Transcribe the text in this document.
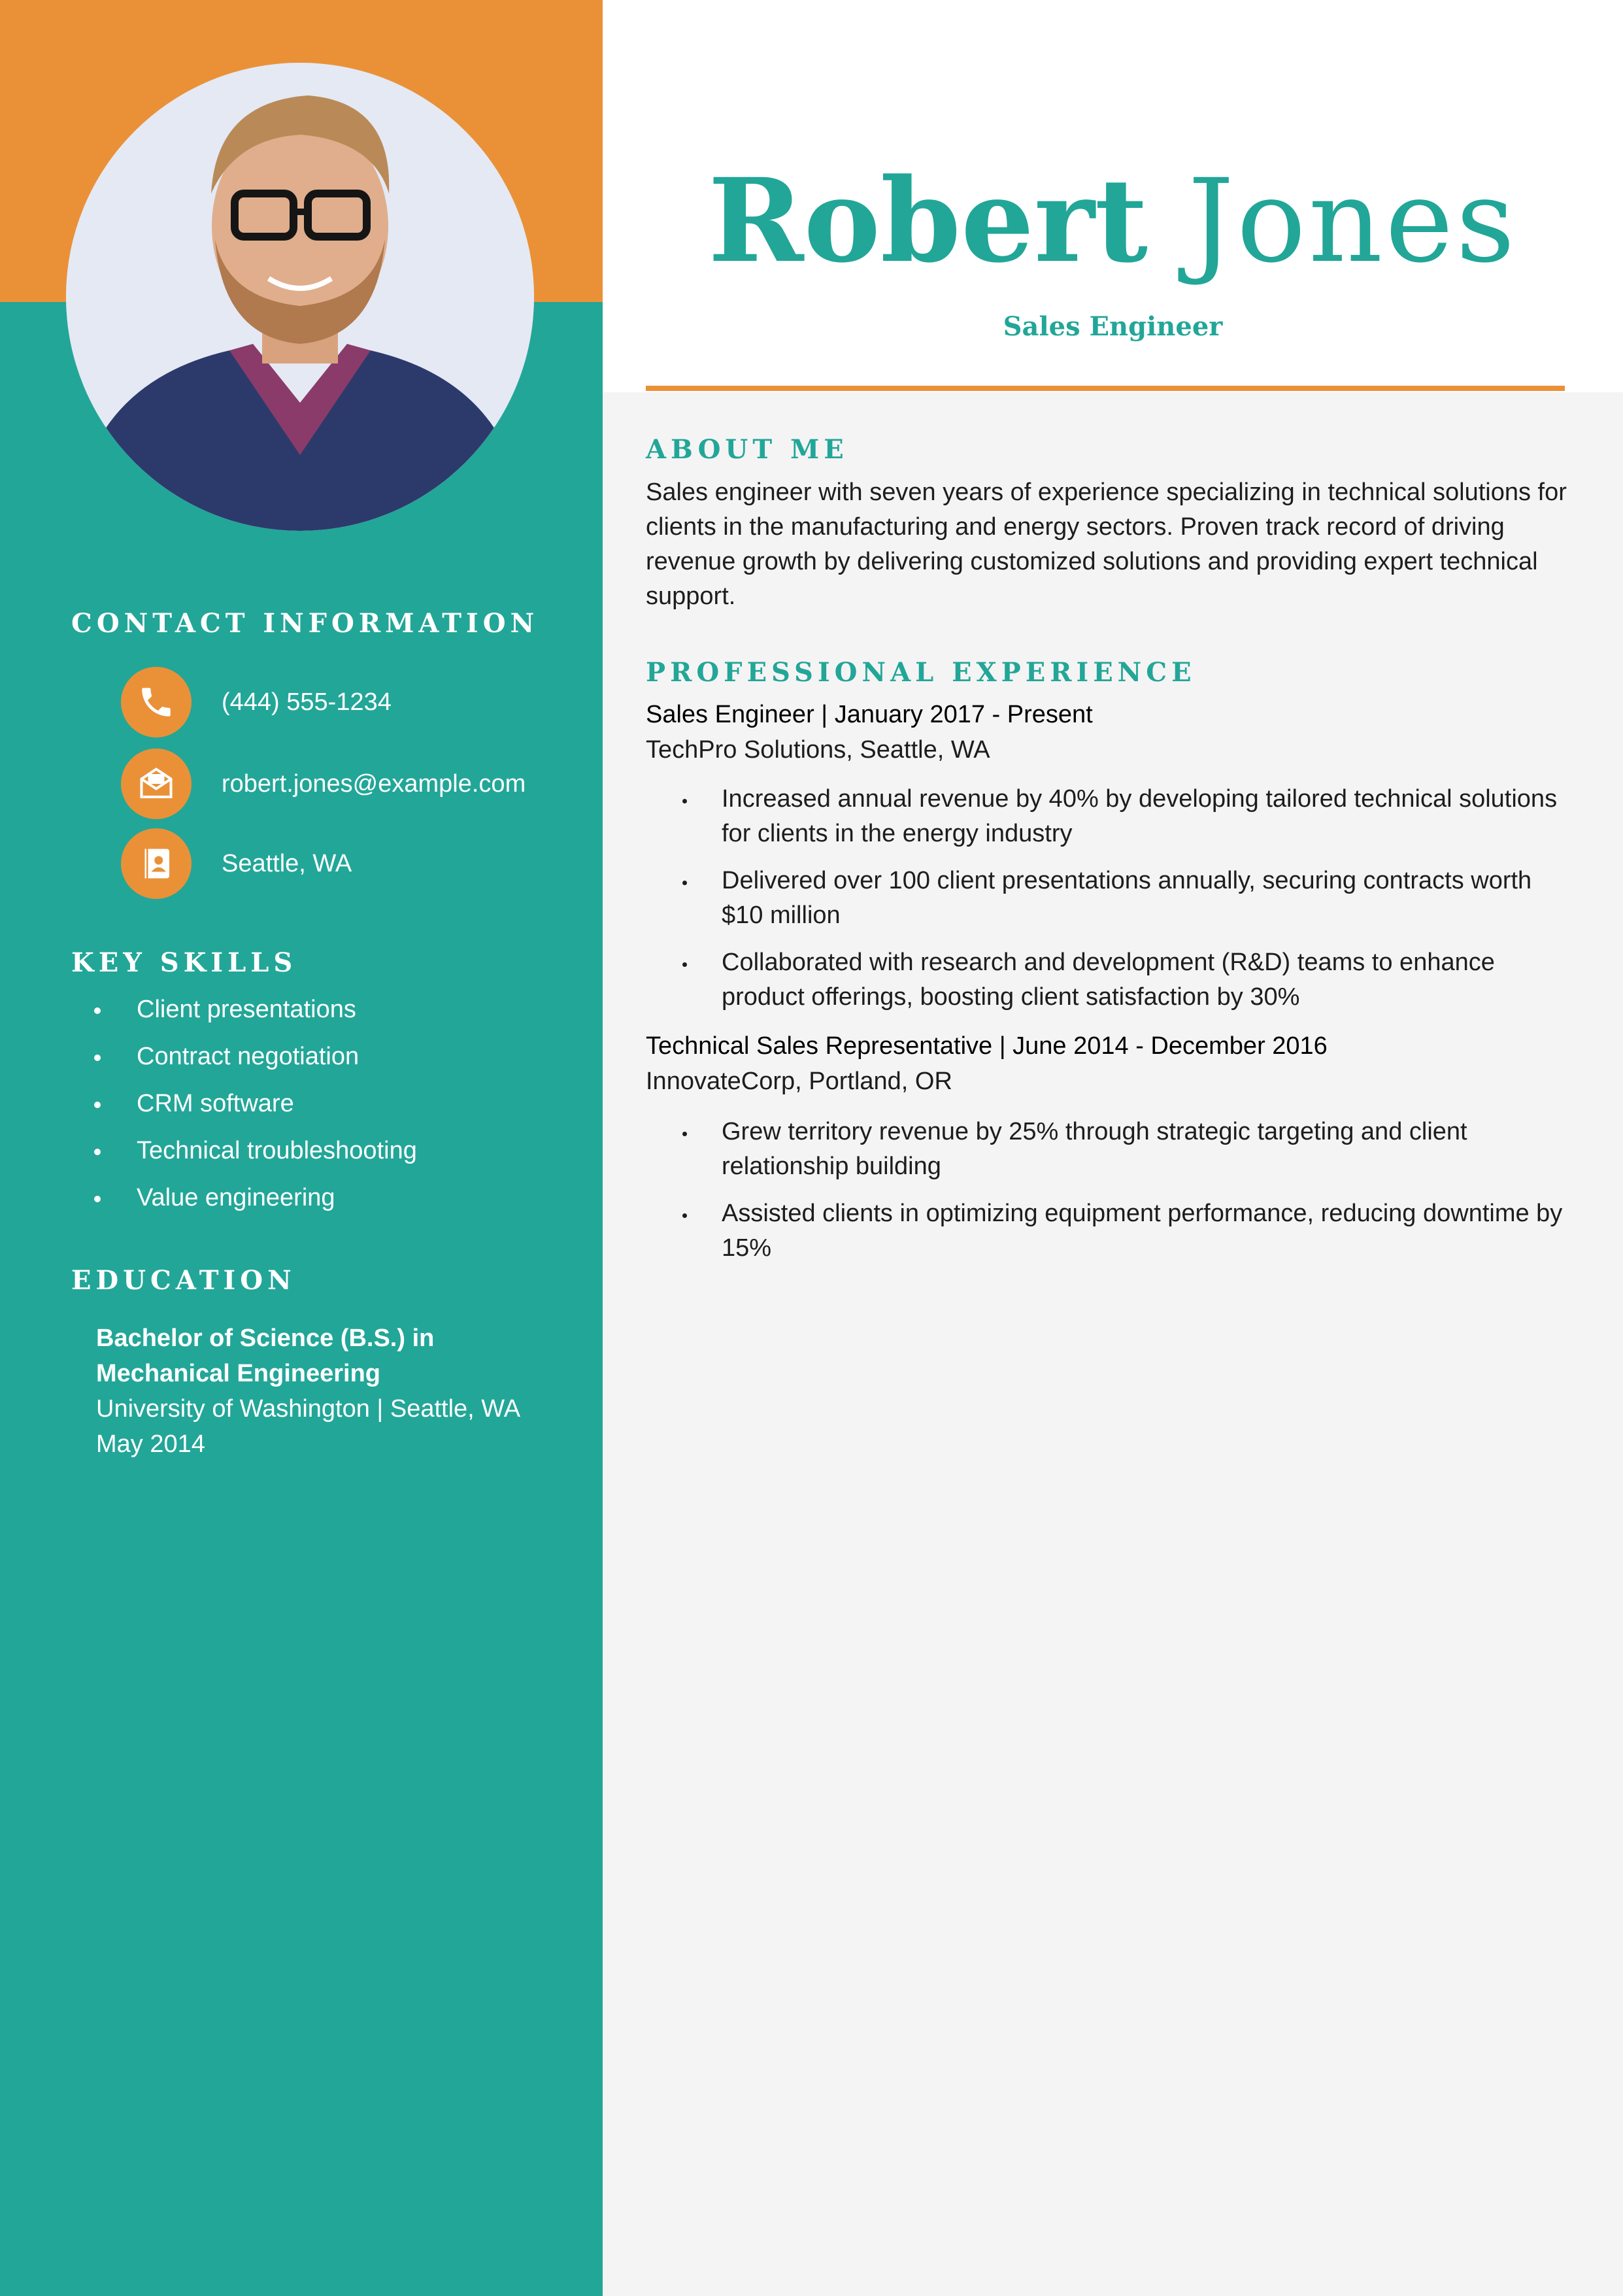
CONTACT INFORMATION
(444) 555-1234
robert.jones@example.com
Seattle, WA
KEY SKILLS
Client presentations
Contract negotiation
CRM software
Technical troubleshooting
Value engineering
EDUCATION
Bachelor of Science (B.S.) in
Mechanical Engineering
University of Washington | Seattle, WA
May 2014
Robert Jones

Sales Engineer

ABOUT ME

Sales engineer with seven years of experience specializing in technical solutions for clients in the manufacturing and energy sectors. Proven track record of driving revenue growth by delivering customized solutions and providing expert technical support.

PROFESSIONAL EXPERIENCE

Sales Engineer | January 2017 - Present

TechPro Solutions, Seattle, WA

Increased annual revenue by 40% by developing tailored technical solutions for clients in the energy industry
Delivered over 100 client presentations annually, securing contracts worth $10 million
Collaborated with research and development (R&D) teams to enhance product offerings, boosting client satisfaction by 30%

Technical Sales Representative | June 2014 - December 2016

InnovateCorp, Portland, OR

Grew territory revenue by 25% through strategic targeting and client relationship building
Assisted clients in optimizing equipment performance, reducing downtime by 15%
